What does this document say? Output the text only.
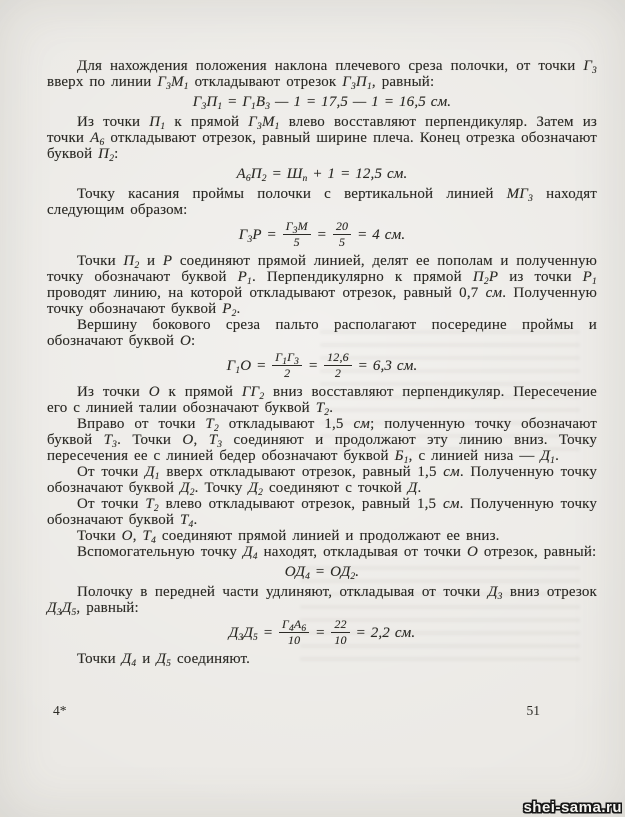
Для нахождения положения наклона плечевого среза полочки, от точки $Г_3$ вверх по линии $Г_3М_1$ откладывают отрезок $Г_3П_1$, равный:

$Г_3П_1 = Г_1В_3$ — 1 = 17,5 — 1 = 16,5 см.

Из точки $П_1$ к прямой $Г_3М_1$ влево восставляют перпендикуляр. Затем из точки $А_6$ откладывают отрезок, равный ширине плеча. Конец отрезка обозначают буквой $П_2$:

$А_6П_2 = Ш_п + 1 = 12,5$ см.

Точку касания проймы полочки с вертикальной линией $МГ_3$ находят следующим образом:

$Г_3Р = \frac{Г_3М}{5} = \frac{20}{5} = 4$ см.

Точки $П_2$ и Р соединяют прямой линией, делят ее пополам и полученную точку обозначают буквой $Р_1$. Перпендикулярно к прямой $П_2Р$ из точки $Р_1$ проводят линию, на которой откладывают отрезок, равный 0,7 см. Полученную точку обозначают буквой $Р_2$.

Вершину бокового среза пальто располагают посередине проймы и обозначают буквой О:

$Г_1О = \frac{Г_1Г_3}{2} = \frac{12,6}{2} = 6,3$ см.

Из точки О к прямой $ГГ_2$ вниз восставляют перпендикуляр. Пересечение его с линией талии обозначают буквой $Т_2$.

Вправо от точки $Т_2$ откладывают 1,5 см; полученную точку обозначают буквой $Т_3$. Точки О, $Т_3$ соединяют и продолжают эту линию вниз. Точку пересечения ее с линией бедер обозначают буквой $Б_1$, с линией низа — $Д_1$.

От точки $Д_1$ вверх откладывают отрезок, равный 1,5 см. Полученную точку обозначают буквой $Д_2$. Точку $Д_2$ соединяют с точкой Д.

От точки $Т_2$ влево откладывают отрезок, равный 1,5 см. Полученную точку обозначают буквой $Т_4$.

Точки О, $Т_4$ соединяют прямой линией и продолжают ее вниз.

Вспомогательную точку $Д_4$ находят, откладывая от точки О отрезок, равный:

$ОД_4 = ОД_2$.

Полочку в передней части удлиняют, откладывая от точки $Д_3$ вниз отрезок $Д_3Д_5$, равный:

$Д_3Д_5 = \frac{Г_4А_6}{10} = \frac{22}{10} = 2,2$ см.

Точки $Д_4$ и $Д_5$ соединяют.

4*	51
shei-sama.ru
